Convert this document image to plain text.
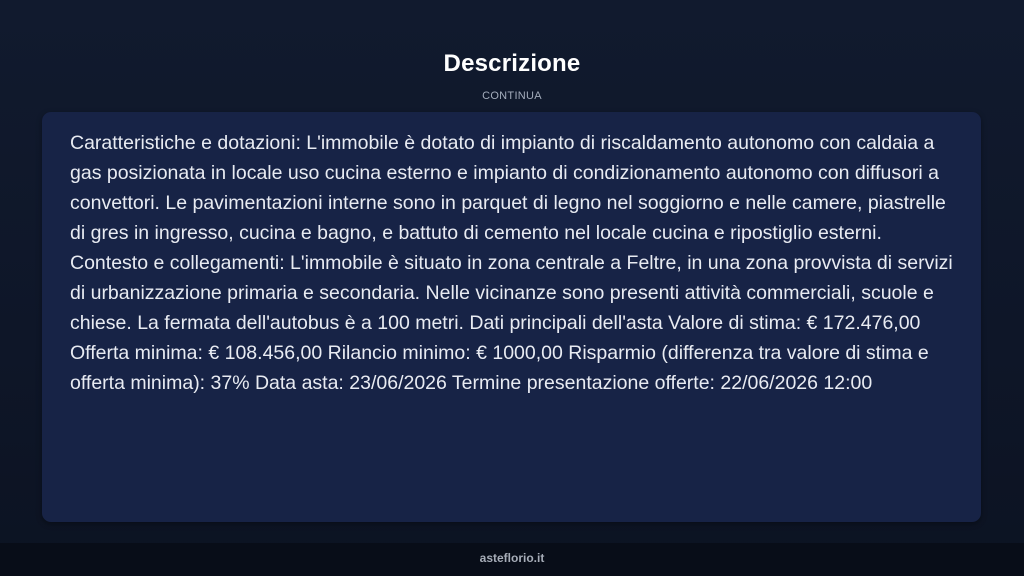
Descrizione
CONTINUA

Caratteristiche e dotazioni: L'immobile è dotato di impianto di riscaldamento autonomo con caldaia a gas posizionata in locale uso cucina esterno e impianto di condizionamento autonomo con diffusori a convettori. Le pavimentazioni interne sono in parquet di legno nel soggiorno e nelle camere, piastrelle di gres in ingresso, cucina e bagno, e battuto di cemento nel locale cucina e ripostiglio esterni. Contesto e collegamenti: L'immobile è situato in zona centrale a Feltre, in una zona provvista di servizi di urbanizzazione primaria e secondaria. Nelle vicinanze sono presenti attività commerciali, scuole e chiese. La fermata dell'autobus è a 100 metri. Dati principali dell'asta Valore di stima: € 172.476,00 Offerta minima: € 108.456,00 Rilancio minimo: € 1000,00 Risparmio (differenza tra valore di stima e offerta minima): 37% Data asta: 23/06/2026 Termine presentazione offerte: 22/06/2026 12:00

asteflorio.it
